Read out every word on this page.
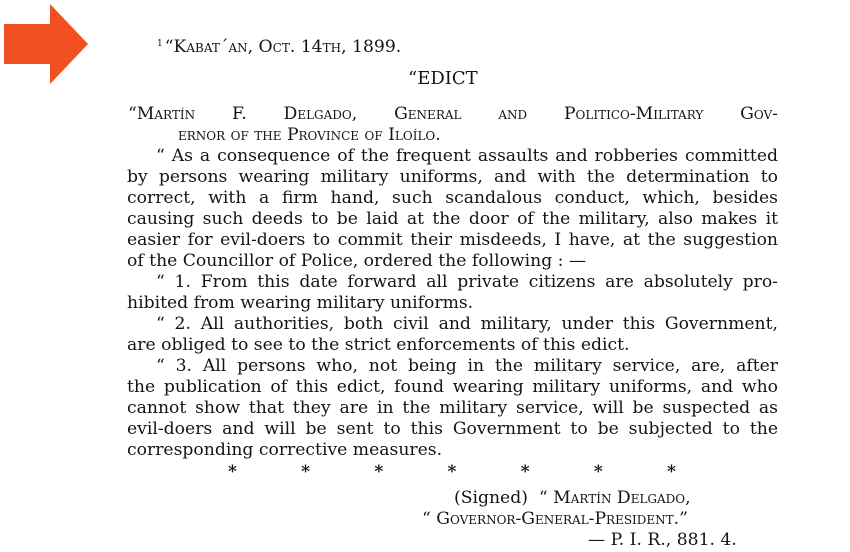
$^1$ “Kabat´an, Oct. 14th, 1899.
“EDICT
“Martín F. Delgado, General and Politico-Military Gov-
ernor of the Province of Iloílo.
“ As a consequence of the frequent assaults and robberies committed
by persons wearing military uniforms, and with the determination to
correct, with a firm hand, such scandalous conduct, which, besides
causing such deeds to be laid at the door of the military, also makes it
easier for evil-doers to commit their misdeeds, I have, at the suggestion
of the Councillor of Police, ordered the following : —
“ 1. From this date forward all private citizens are absolutely pro-
hibited from wearing military uniforms.
“ 2. All authorities, both civil and military, under this Government,
are obliged to see to the strict enforcements of this edict.
“ 3. All persons who, not being in the military service, are, after
the publication of this edict, found wearing military uniforms, and who
cannot show that they are in the military service, will be suspected as
evil-doers and will be sent to this Government to be subjected to the
corresponding corrective measures.
*	*	*	*	*	*	*
(Signed) “ Martín Delgado,
“ Governor-General-President.”
— P. I. R., 881. 4.
